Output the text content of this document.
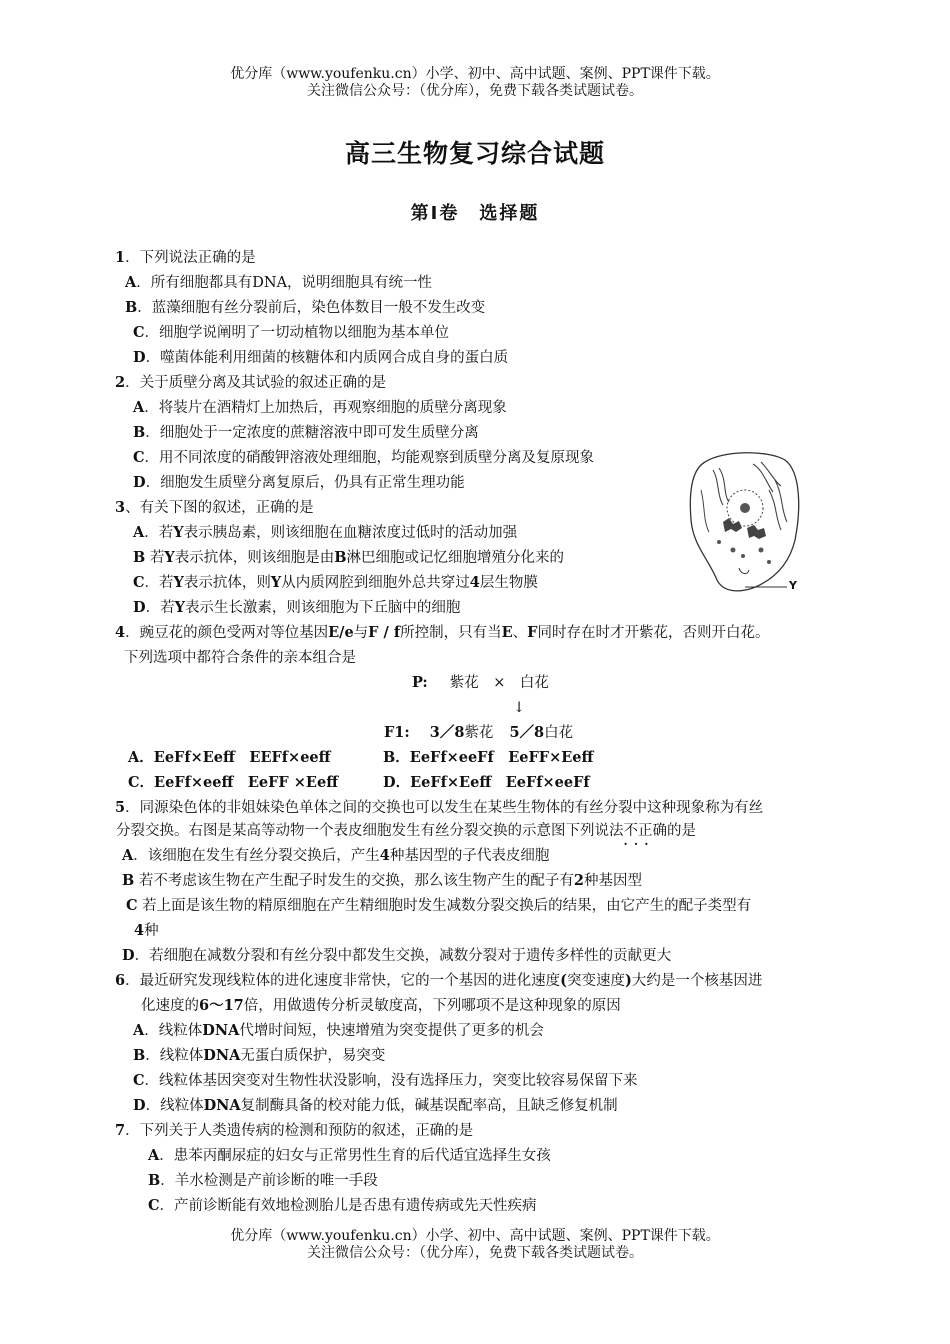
优分库（www.youfenku.cn）小学、初中、高中试题、案例、PPT课件下载。
关注微信公众号：（优分库），免费下载各类试题试卷。
高三生物复习综合试题
第Ⅰ卷　选择题
1．下列说法正确的是
A．所有细胞都具有DNA，说明细胞具有统一性
B．蓝藻细胞有丝分裂前后，染色体数目一般不发生改变
C．细胞学说阐明了一切动植物以细胞为基本单位
D．噬菌体能利用细菌的核糖体和内质网合成自身的蛋白质
2．关于质壁分离及其试验的叙述正确的是
A．将装片在酒精灯上加热后，再观察细胞的质壁分离现象
B．细胞处于一定浓度的蔗糖溶液中即可发生质壁分离
C．用不同浓度的硝酸钾溶液处理细胞，均能观察到质壁分离及复原现象
D．细胞发生质壁分离复原后，仍具有正常生理功能
3、有关下图的叙述，正确的是
A．若Y表示胰岛素，则该细胞在血糖浓度过低时的活动加强
B 若Y表示抗体，则该细胞是由B淋巴细胞或记忆细胞增殖分化来的
C．若Y表示抗体，则Y从内质网腔到细胞外总共穿过4层生物膜
D．若Y表示生长激素，则该细胞为下丘脑中的细胞
4．豌豆花的颜色受两对等位基因E/e与F / f所控制，只有当E、F同时存在时才开紫花，否则开白花。
下列选项中都符合条件的亲本组合是
P: 紫花　×　白花
↓
F1: 3／8紫花 5／8白花
A．EeFf×Eeff　EEFf×eeff	B．EeFf×eeFf　EeFF×Eeff
C．EeFf×eeff　EeFF ×Eeff	D．EeFf×Eeff　EeFf×eeFf
5．同源染色体的非姐妹染色单体之间的交换也可以发生在某些生物体的有丝分裂中这种现象称为有丝
分裂交换。右图是某高等动物一个表皮细胞发生有丝分裂交换的示意图下列说法不正确 · · ·的是
A．该细胞在发生有丝分裂交换后，产生4种基因型的子代表皮细胞
B 若不考虑该生物在产生配子时发生的交换，那么该生物产生的配子有2种基因型
C 若上面是该生物的精原细胞在产生精细胞时发生减数分裂交换后的结果，由它产生的配子类型有
4种
D．若细胞在减数分裂和有丝分裂中都发生交换，减数分裂对于遗传多样性的贡献更大
6．最近研究发现线粒体的进化速度非常快，它的一个基因的进化速度(突变速度)大约是一个核基因进
化速度的6～17倍，用做遗传分析灵敏度高，下列哪项不是这种现象的原因
A．线粒体DNA代增时间短，快速增殖为突变提供了更多的机会
B．线粒体DNA无蛋白质保护，易突变
C．线粒体基因突变对生物性状没影响，没有选择压力，突变比较容易保留下来
D．线粒体DNA复制酶具备的校对能力低，碱基误配率高，且缺乏修复机制
7．下列关于人类遗传病的检测和预防的叙述，正确的是
A．患苯丙酮尿症的妇女与正常男性生育的后代适宜选择生女孩
B．羊水检测是产前诊断的唯一手段
C．产前诊断能有效地检测胎儿是否患有遗传病或先天性疾病
Y
优分库（www.youfenku.cn）小学、初中、高中试题、案例、PPT课件下载。
关注微信公众号：（优分库），免费下载各类试题试卷。
